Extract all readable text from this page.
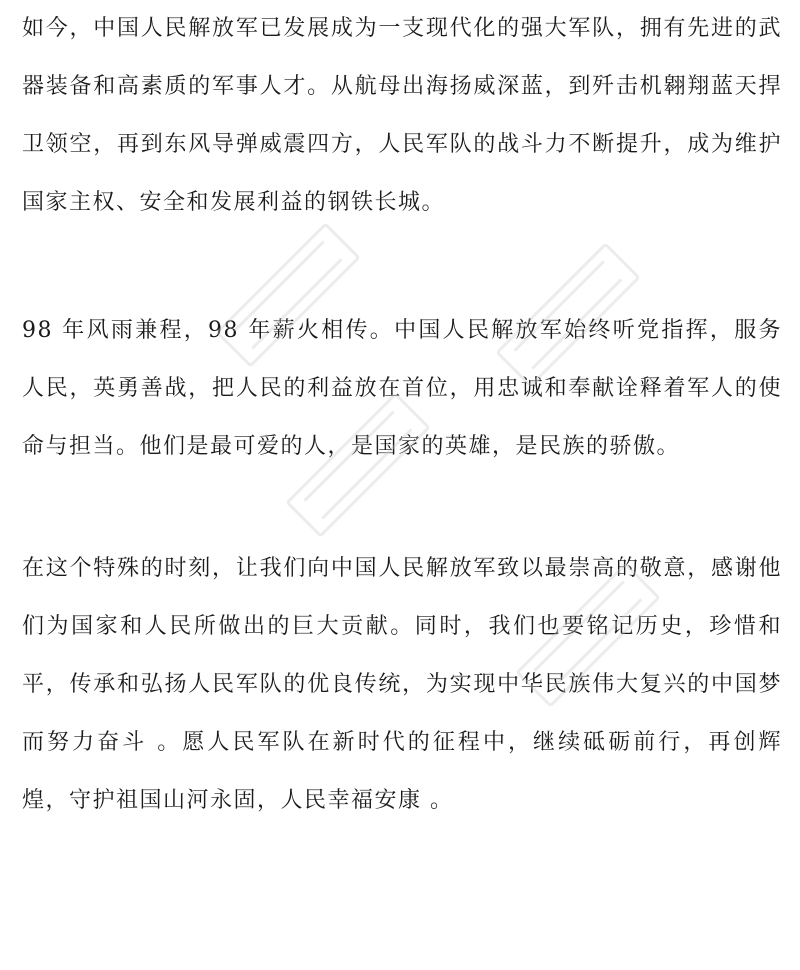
如今，中国人民解放军已发展成为一支现代化的强大军队，拥有先进的武器装备和高素质的军事人才。从航母出海扬威深蓝，到歼击机翱翔蓝天捍卫领空，再到东风导弹威震四方，人民军队的战斗力不断提升，成为维护国家主权、安全和发展利益的钢铁长城。

98 年风雨兼程，98 年薪火相传。中国人民解放军始终听党指挥，服务人民，英勇善战，把人民的利益放在首位，用忠诚和奉献诠释着军人的使命与担当。他们是最可爱的人，是国家的英雄，是民族的骄傲。

在这个特殊的时刻，让我们向中国人民解放军致以最崇高的敬意，感谢他们为国家和人民所做出的巨大贡献。同时，我们也要铭记历史，珍惜和平，传承和弘扬人民军队的优良传统，为实现中华民族伟大复兴的中国梦而努力奋斗 。愿人民军队在新时代的征程中，继续砥砺前行，再创辉煌，守护祖国山河永固，人民幸福安康 。
